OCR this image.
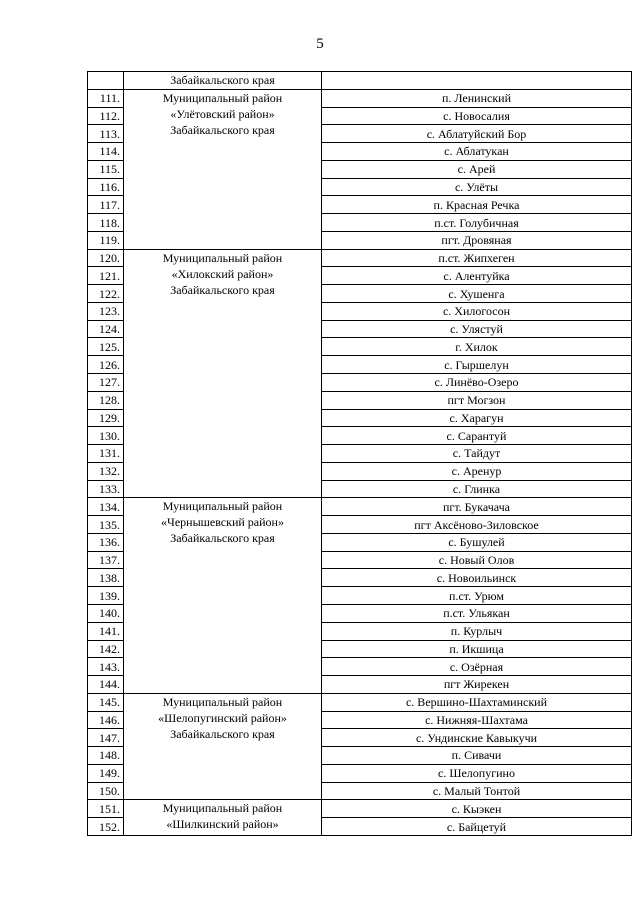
5
	Забайкальского края	
111.	Муниципальный район
«Улётовский район»
Забайкальского края	п. Ленинский
112.		с. Новосалия
113.		с. Аблатуйский Бор
114.		с. Аблатукан
115.		с. Арей
116.		с. Улёты
117.		п. Красная Речка
118.		п.ст. Голубичная
119.		пгт. Дровяная
120.	Муниципальный район
«Хилокский район»
Забайкальского края	п.ст. Жипхеген
121.		с. Алентуйка
122.		с. Хушенга
123.		с. Хилогосон
124.		с. Улястуй
125.		г. Хилок
126.		с. Гыршелун
127.		с. Линёво-Озеро
128.		пгт Могзон
129.		с. Харагун
130.		с. Сарантуй
131.		с. Тайдут
132.		с. Аренур
133.		с. Глинка
134.	Муниципальный район
«Чернышевский район»
Забайкальского края	пгт. Букачача
135.		пгт Аксёново-Зиловское
136.		с. Бушулей
137.		с. Новый Олов
138.		с. Новоильинск
139.		п.ст. Урюм
140.		п.ст. Ульякан
141.		п. Курлыч
142.		п. Икшица
143.		с. Озёрная
144.		пгт Жирекен
145.	Муниципальный район
«Шелопугинский район»
Забайкальского края	с. Вершино-Шахтаминский
146.		с. Нижняя-Шахтама
147.		с. Ундинские Кавыкучи
148.		п. Сивачи
149.		с. Шелопугино
150.		с. Малый Тонтой
151.	Муниципальный район
«Шилкинский район»	с. Кыэкен
152.		с. Байцетуй
